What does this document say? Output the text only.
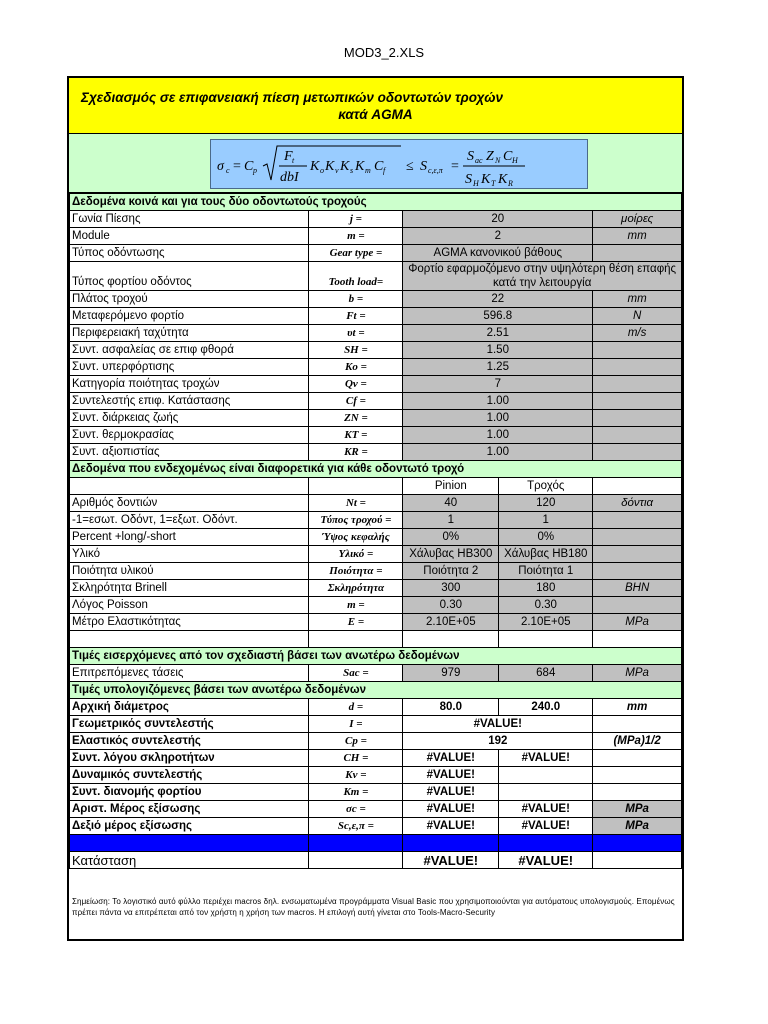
MOD3_2.XLS
Σχεδιασμός σε επιφανειακή πίεση μετωπικών οδοντωτών τροχών
κατά AGMA
σ c = C p
F t
dbI
K o K v K s K m C f ≤ S c,ε,π =
S ac Z N C H
S H K T K R
Δεδομένα κοινά και για τους δύο οδοντωτούς τροχούς				
Γωνία Πίεσης	j =	20		μοίρες
Module	m =	2		mm
Τύπος οδόντωσης	Gear type =	AGMA κανονικού βάθους		
Τύπος φορτίου οδόντος	Tooth load=	Φορτίο εφαρμοζόμενο στην υψηλότερη θέση επαφής κατά την λειτουργία		
Πλάτος τροχού	b =	22		mm
Μεταφερόμενο φορτίο	Ft =	596.8		N
Περιφερειακή ταχύτητα	υt =	2.51		m/s
Συντ. ασφαλείας σε επιφ φθορά	SH =	1.50		
Συντ. υπερφόρτισης	Ko =	1.25		
Κατηγορία ποιότητας τροχών	Qv =	7		
Συντελεστής επιφ. Κατάστασης	Cf =	1.00		
Συντ. διάρκειας ζωής	ZN =	1.00		
Συντ. θερμοκρασίας	KT =	1.00		
Συντ. αξιοπιστίας	KR =	1.00		
Δεδομένα που ενδεχομένως είναι διαφορετικά για κάθε οδοντωτό τροχό				
		Pinion	Τροχός	
Αριθμός δοντιών	Nt =	40	120	δόντια
-1=εσωτ. Οδόντ, 1=εξωτ. Οδόντ.	Τύπος τροχού =	1	1	
Percent +long/-short	Ύψος κεφαλής	0%	0%	
Υλικό	Υλικό =	Χάλυβας HB300	Χάλυβας HB180	
Ποιότητα υλικού	Ποιότητα =	Ποιότητα 2	Ποιότητα 1	
Σκληρότητα Brinell	Σκληρότητα	300	180	BHN
Λόγος Poisson	m =	0.30	0.30	
Μέτρο Ελαστικότητας	E =	2.10E+05	2.10E+05	MPa

Τιμές εισερχόμενες από τον σχεδιαστή βάσει των ανωτέρω δεδομένων				
Επιτρεπόμενες τάσεις	Sac =	979	684	MPa
Τιμές υπολογιζόμενες βάσει των ανωτέρω δεδομένων				
Αρχική διάμετρος	d =	80.0	240.0	mm
Γεωμετρικός συντελεστής	I =	#VALUE!		
Ελαστικός συντελεστής	Cp =	192		(MPa)1/2
Συντ. λόγου σκληροτήτων	CH =	#VALUE!	#VALUE!	
Δυναμικός συντελεστής	Kv =	#VALUE!		
Συντ. διανομής φορτίου	Km =	#VALUE!		
Αριστ. Μέρος εξίσωσης	σc =	#VALUE!	#VALUE!	MPa
Δεξιό μέρος εξίσωσης	Sc,ε,π =	#VALUE!	#VALUE!	MPa

Κατάσταση		#VALUE!	#VALUE!	
Σημείωση: Το λογιστικό αυτό φύλλο περιέχει macros δηλ. ενσωματωμένα προγράμματα Visual Basic που χρησιμοποιούνται για αυτόματους υπολογισμούς. Επομένως πρέπει πάντα να επιτρέπεται από τον χρήστη η χρήση των macros. Η επιλογή αυτή γίνεται στο Tools-Macro-Security
